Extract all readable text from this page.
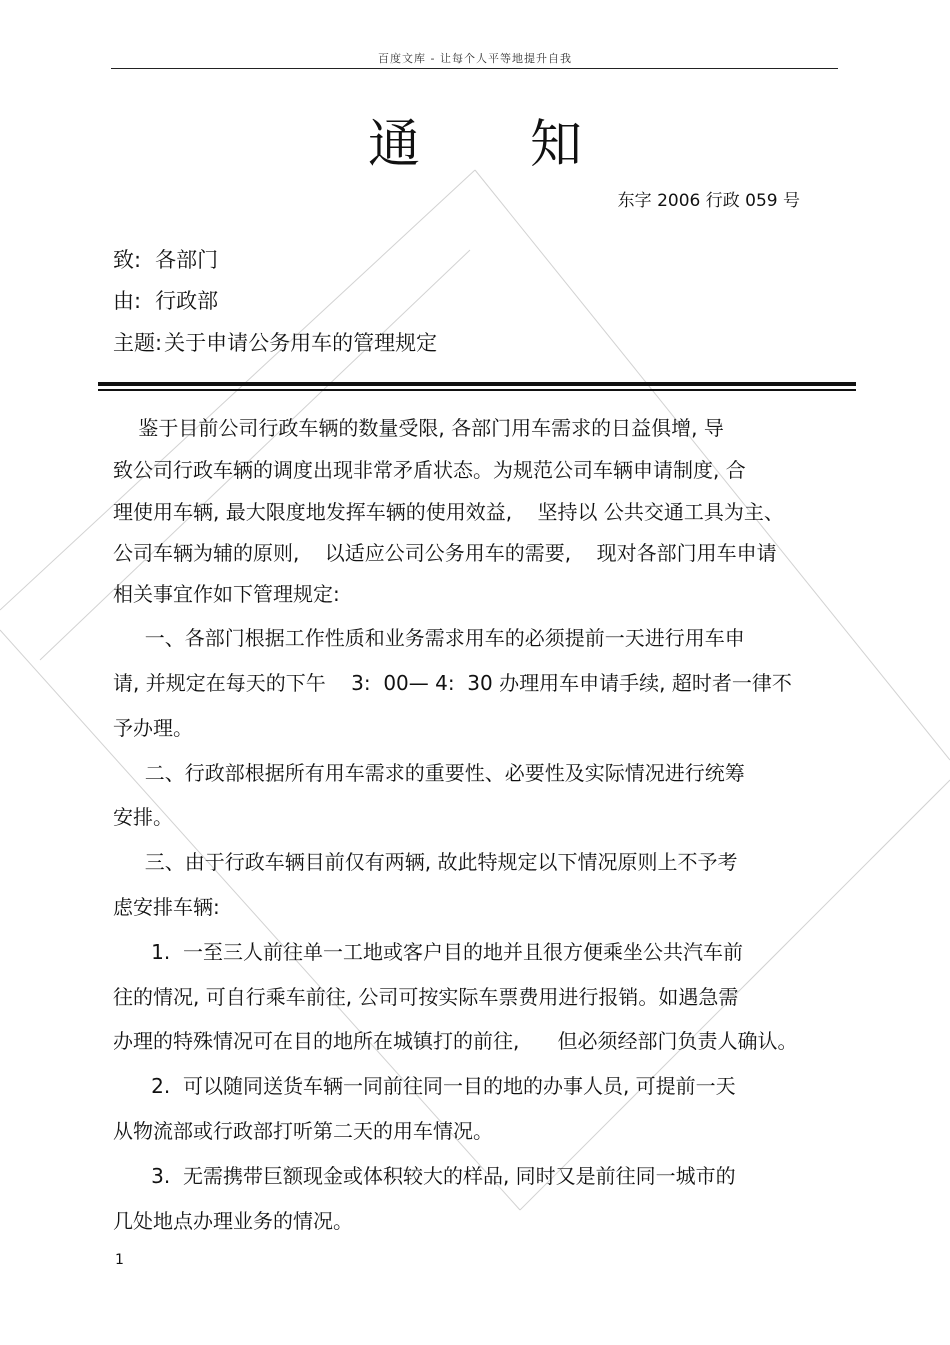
百度文库 - 让每个人平等地提升自我
通知
东字 2006 行政 059 号
致: 各部门
由: 行政部
主题:关于申请公务用车的管理规定
鉴于目前公司行政车辆的数量受限, 各部门用车需求的日益俱增, 导
致公司行政车辆的调度出现非常矛盾状态。为规范公司车辆申请制度, 合
理使用车辆, 最大限度地发挥车辆的使用效益,    坚持以 公共交通工具为主、
公司车辆为辅的原则,    以适应公司公务用车的需要,    现对各部门用车申请
相关事宜作如下管理规定:
一、各部门根据工作性质和业务需求用车的必须提前一天进行用车申
请, 并规定在每天的下午    3:  00— 4:  30 办理用车申请手续, 超时者一律不
予办理。
二、行政部根据所有用车需求的重要性、必要性及实际情况进行统筹
安排。
三、由于行政车辆目前仅有两辆, 故此特规定以下情况原则上不予考
虑安排车辆:
1.  一至三人前往单一工地或客户目的地并且很方便乘坐公共汽车前
往的情况, 可自行乘车前往, 公司可按实际车票费用进行报销。如遇急需
办理的特殊情况可在目的地所在城镇打的前往,      但必须经部门负责人确认。
2.  可以随同送货车辆一同前往同一目的地的办事人员, 可提前一天
从物流部或行政部打听第二天的用车情况。
3.  无需携带巨额现金或体积较大的样品, 同时又是前往同一城市的
几处地点办理业务的情况。
1
